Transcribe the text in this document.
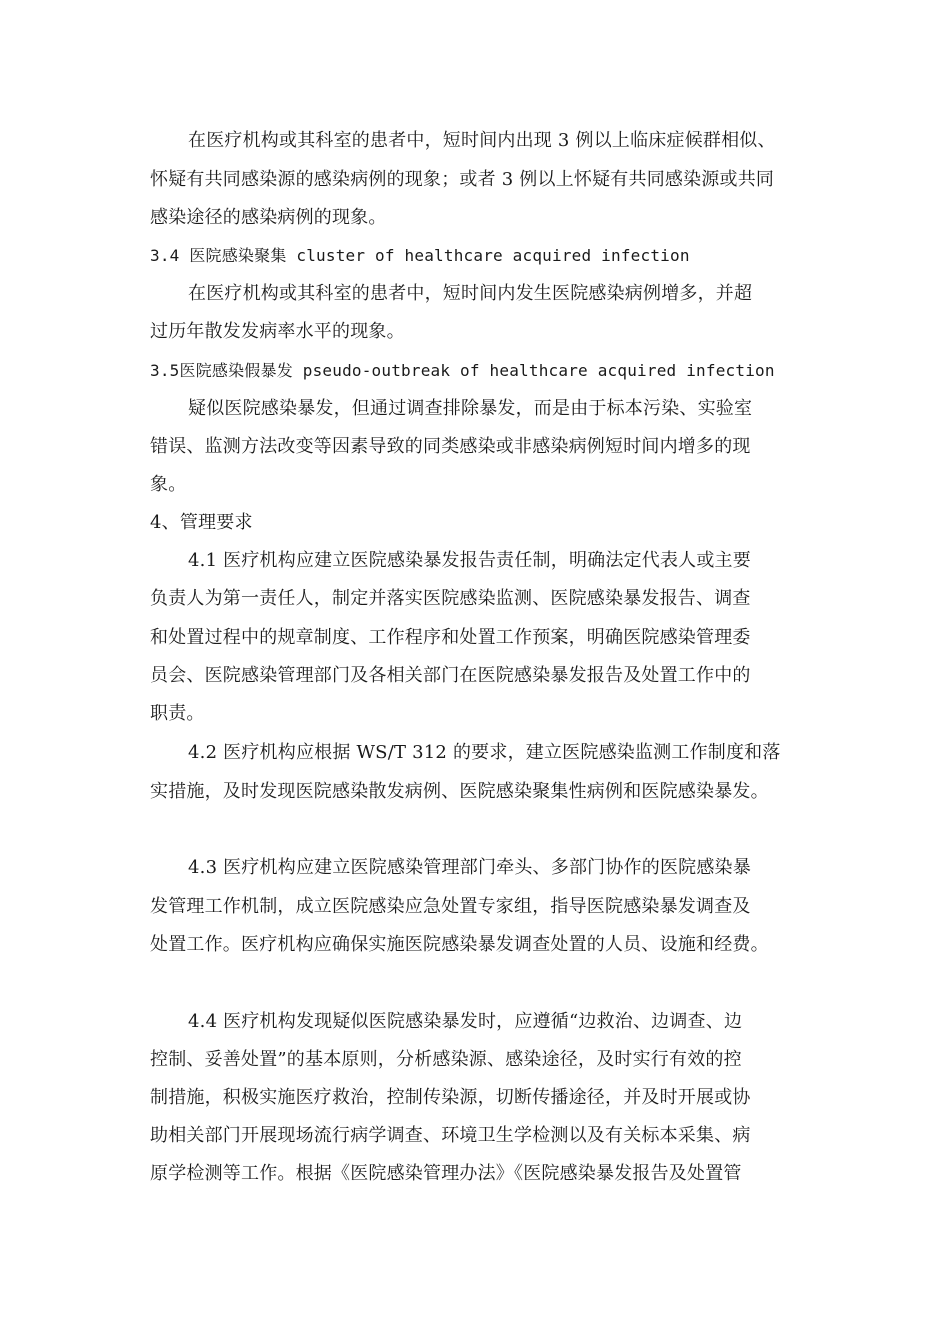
在医疗机构或其科室的患者中，短时间内出现 3 例以上临床症候群相似、
怀疑有共同感染源的感染病例的现象；或者 3 例以上怀疑有共同感染源或共同
感染途径的感染病例的现象。
3.4 医院感染聚集 cluster of healthcare acquired infection
在医疗机构或其科室的患者中，短时间内发生医院感染病例增多，并超
过历年散发发病率水平的现象。
3.5医院感染假暴发 pseudo-outbreak of healthcare acquired infection
疑似医院感染暴发，但通过调查排除暴发，而是由于标本污染、实验室
错误、监测方法改变等因素导致的同类感染或非感染病例短时间内增多的现
象。
4、管理要求
4.1 医疗机构应建立医院感染暴发报告责任制，明确法定代表人或主要
负责人为第一责任人，制定并落实医院感染监测、医院感染暴发报告、调查
和处置过程中的规章制度、工作程序和处置工作预案，明确医院感染管理委
员会、医院感染管理部门及各相关部门在医院感染暴发报告及处置工作中的
职责。
4.2 医疗机构应根据 WS/T 312 的要求，建立医院感染监测工作制度和落
实措施，及时发现医院感染散发病例、医院感染聚集性病例和医院感染暴发。
4.3 医疗机构应建立医院感染管理部门牵头、多部门协作的医院感染暴
发管理工作机制，成立医院感染应急处置专家组，指导医院感染暴发调查及
处置工作。医疗机构应确保实施医院感染暴发调查处置的人员、设施和经费。
4.4 医疗机构发现疑似医院感染暴发时，应遵循“边救治、边调查、边
控制、妥善处置”的基本原则，分析感染源、感染途径，及时实行有效的控
制措施，积极实施医疗救治，控制传染源，切断传播途径，并及时开展或协
助相关部门开展现场流行病学调查、环境卫生学检测以及有关标本采集、病
原学检测等工作。根据《医院感染管理办法》《医院感染暴发报告及处置管
